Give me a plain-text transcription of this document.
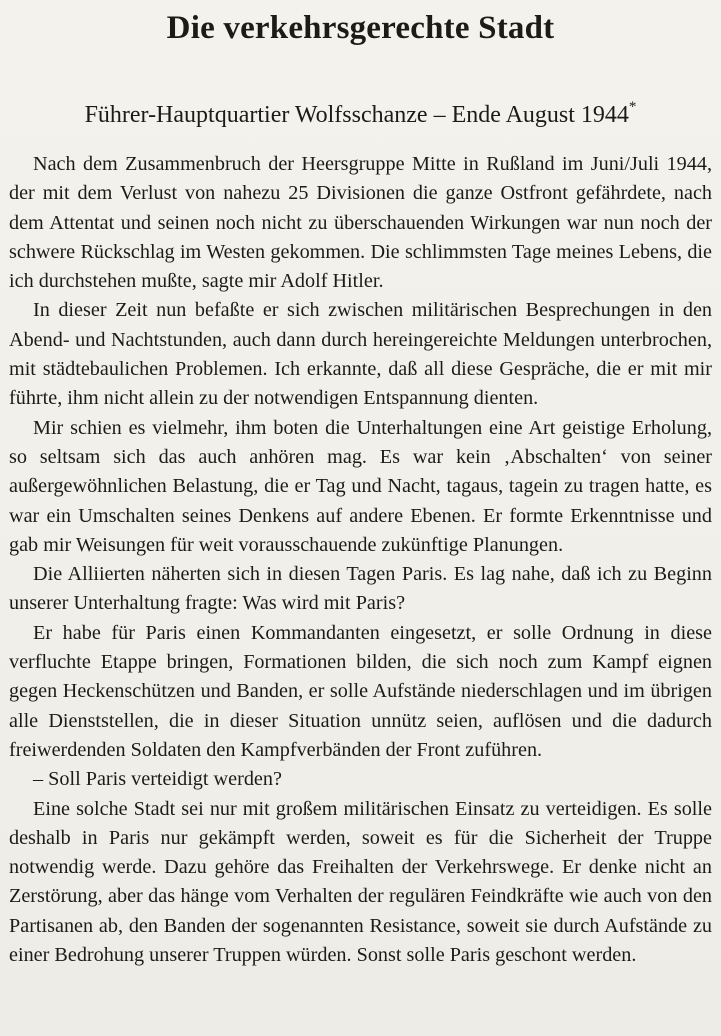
Die verkehrsgerechte Stadt
Führer-Hauptquartier Wolfsschanze – Ende August 1944*

Nach dem Zusammenbruch der Heersgruppe Mitte in Rußland im Juni/Juli 1944, der mit dem Verlust von nahezu 25 Divisionen die ganze Ostfront gefährdete, nach dem Attentat und seinen noch nicht zu überschauenden Wirkungen war nun noch der schwere Rückschlag im Westen gekommen. Die schlimmsten Tage meines Lebens, die ich durchstehen mußte, sagte mir Adolf Hitler.

In dieser Zeit nun befaßte er sich zwischen militärischen Besprechungen in den Abend- und Nachtstunden, auch dann durch hereingereichte Meldungen unterbrochen, mit städtebaulichen Problemen. Ich erkannte, daß all diese Gespräche, die er mit mir führte, ihm nicht allein zu der notwendigen Entspannung dienten.

Mir schien es vielmehr, ihm boten die Unterhaltungen eine Art geistige Erholung, so seltsam sich das auch anhören mag. Es war kein ‚Abschalten‘ von seiner außergewöhnlichen Belastung, die er Tag und Nacht, tagaus, tagein zu tragen hatte, es war ein Umschalten seines Denkens auf andere Ebenen. Er formte Erkenntnisse und gab mir Weisungen für weit vorausschauende zukünftige Planungen.

Die Alliierten näherten sich in diesen Tagen Paris. Es lag nahe, daß ich zu Beginn unserer Unterhaltung fragte: Was wird mit Paris?

Er habe für Paris einen Kommandanten eingesetzt, er solle Ordnung in diese verfluchte Etappe bringen, Formationen bilden, die sich noch zum Kampf eignen gegen Heckenschützen und Banden, er solle Aufstände niederschlagen und im übrigen alle Dienststellen, die in dieser Situation unnütz seien, auflösen und die dadurch freiwerdenden Soldaten den Kampfverbänden der Front zuführen.

– Soll Paris verteidigt werden?

Eine solche Stadt sei nur mit großem militärischen Einsatz zu verteidigen. Es solle deshalb in Paris nur gekämpft werden, soweit es für die Sicherheit der Truppe notwendig werde. Dazu gehöre das Freihalten der Verkehrswege. Er denke nicht an Zerstörung, aber das hänge vom Verhalten der regulären Feindkräfte wie auch von den Partisanen ab, den Banden der sogenannten Resistance, soweit sie durch Aufstände zu einer Bedrohung unserer Truppen würden. Sonst solle Paris geschont werden.
